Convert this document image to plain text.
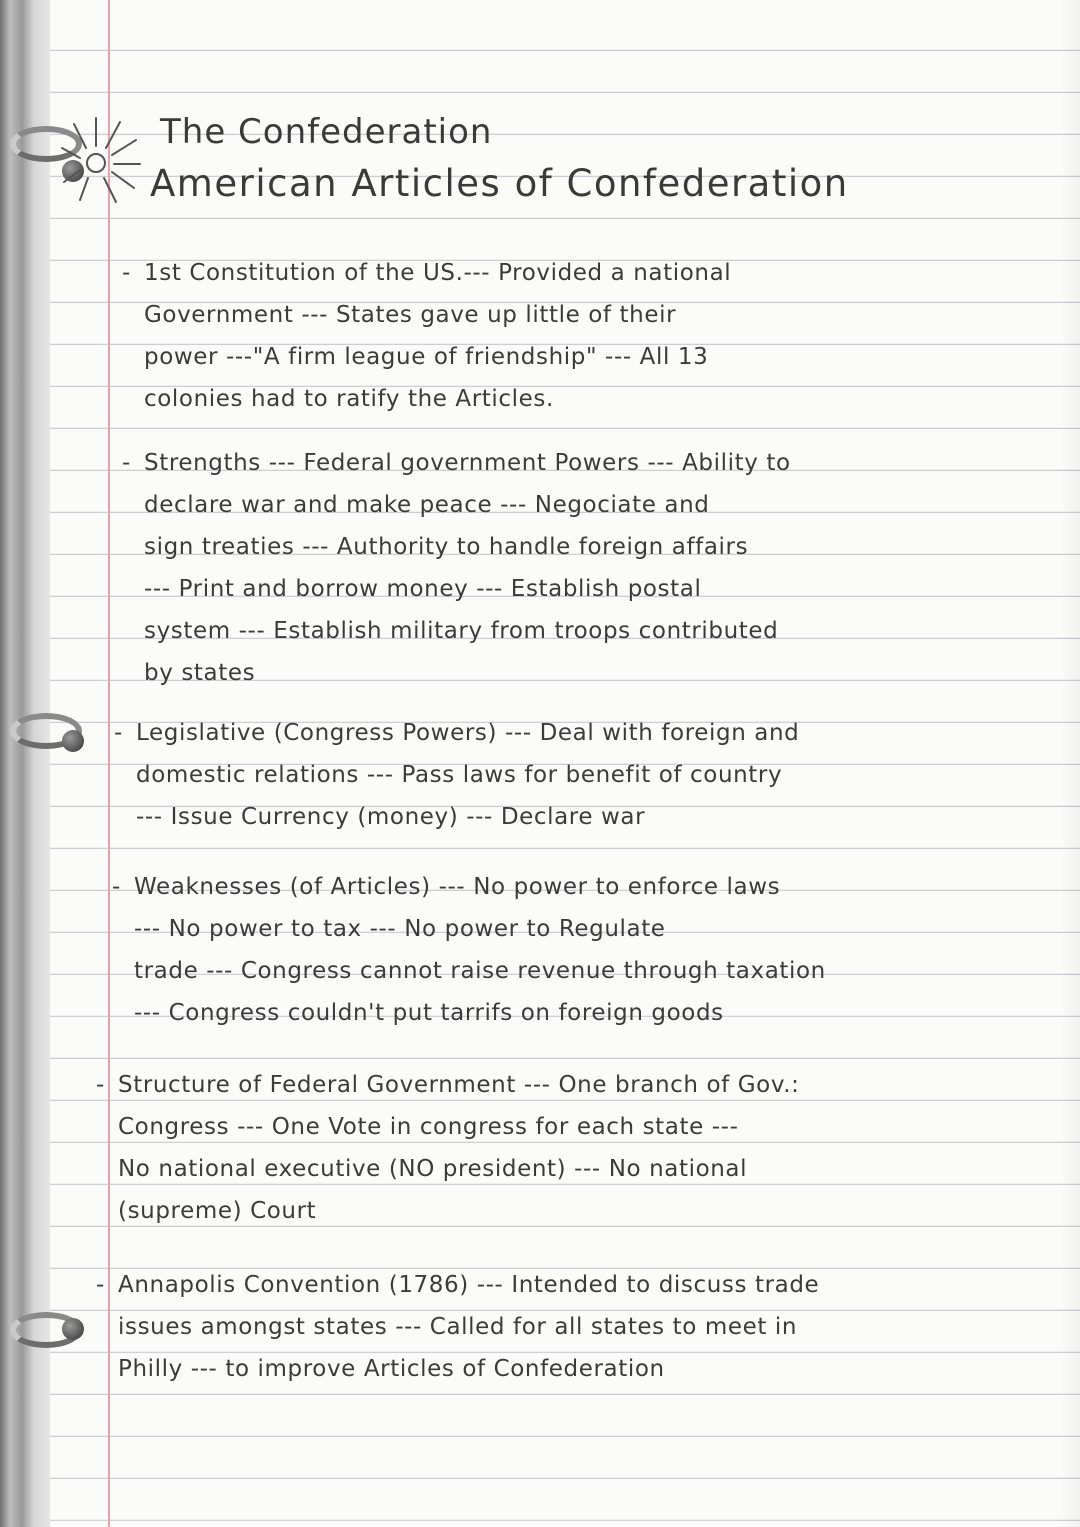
The Confederation
American Articles of Confederation
- 1st Constitution of the US.--- Provided a national
Government --- States gave up little of their
power ---"A firm league of friendship" --- All 13
colonies had to ratify the Articles.
- Strengths --- Federal government Powers --- Ability to
declare war and make peace --- Negociate and
sign treaties --- Authority to handle foreign affairs
--- Print and borrow money --- Establish postal
system --- Establish military from troops contributed
by states
- Legislative (Congress Powers) --- Deal with foreign and
domestic relations --- Pass laws for benefit of country
--- Issue Currency (money) --- Declare war
- Weaknesses (of Articles) --- No power to enforce laws
--- No power to tax --- No power to Regulate
trade --- Congress cannot raise revenue through taxation
--- Congress couldn't put tarrifs on foreign goods
- Structure of Federal Government --- One branch of Gov.:
Congress --- One Vote in congress for each state ---
No national executive (NO president) --- No national
(supreme) Court
- Annapolis Convention (1786) --- Intended to discuss trade
issues amongst states --- Called for all states to meet in
Philly --- to improve Articles of Confederation
